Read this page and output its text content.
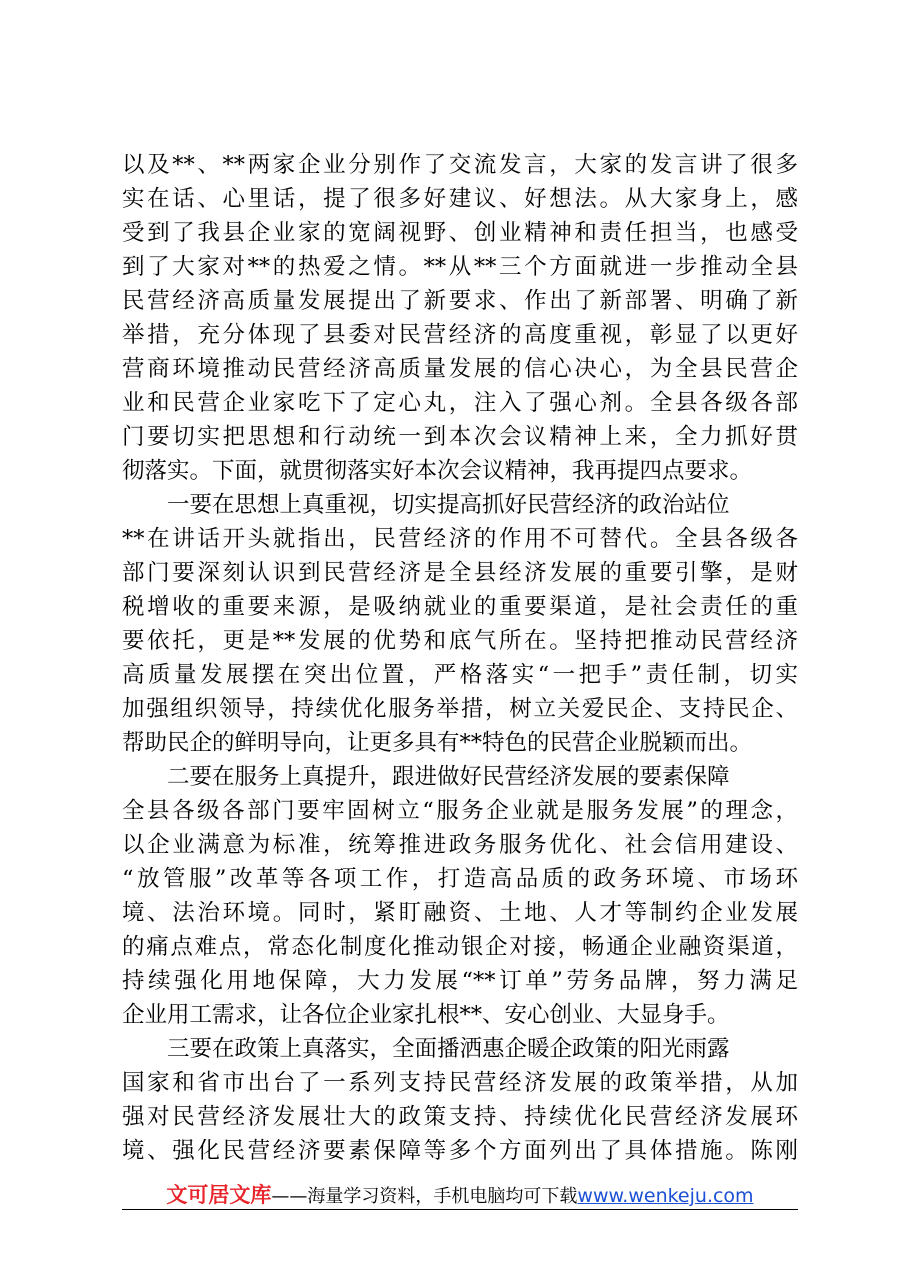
以及**、**两家企业分别作了交流发言，大家的发言讲了很多
实在话、心里话，提了很多好建议、好想法。从大家身上，感
受到了我县企业家的宽阔视野、创业精神和责任担当，也感受
到了大家对**的热爱之情。**从**三个方面就进一步推动全县
民营经济高质量发展提出了新要求、作出了新部署、明确了新
举措，充分体现了县委对民营经济的高度重视，彰显了以更好
营商环境推动民营经济高质量发展的信心决心，为全县民营企
业和民营企业家吃下了定心丸，注入了强心剂。全县各级各部
门要切实把思想和行动统一到本次会议精神上来，全力抓好贯
彻落实。下面，就贯彻落实好本次会议精神，我再提四点要求。
一要在思想上真重视，切实提高抓好民营经济的政治站位
**在讲话开头就指出，民营经济的作用不可替代。全县各级各
部门要深刻认识到民营经济是全县经济发展的重要引擎，是财
税增收的重要来源，是吸纳就业的重要渠道，是社会责任的重
要依托，更是**发展的优势和底气所在。坚持把推动民营经济
高质量发展摆在突出位置，严格落实“一把手”责任制，切实
加强组织领导，持续优化服务举措，树立关爱民企、支持民企、
帮助民企的鲜明导向，让更多具有**特色的民营企业脱颖而出。
二要在服务上真提升，跟进做好民营经济发展的要素保障
全县各级各部门要牢固树立“服务企业就是服务发展”的理念，
以企业满意为标准，统筹推进政务服务优化、社会信用建设、
“放管服”改革等各项工作，打造高品质的政务环境、市场环
境、法治环境。同时，紧盯融资、土地、人才等制约企业发展
的痛点难点，常态化制度化推动银企对接，畅通企业融资渠道，
持续强化用地保障，大力发展“**订单”劳务品牌，努力满足
企业用工需求，让各位企业家扎根**、安心创业、大显身手。
三要在政策上真落实，全面播洒惠企暖企政策的阳光雨露
国家和省市出台了一系列支持民营经济发展的政策举措，从加
强对民营经济发展壮大的政策支持、持续优化民营经济发展环
境、强化民营经济要素保障等多个方面列出了具体措施。陈刚
文可居文库——海量学习资料，手机电脑均可下载www.wenkeju.com
